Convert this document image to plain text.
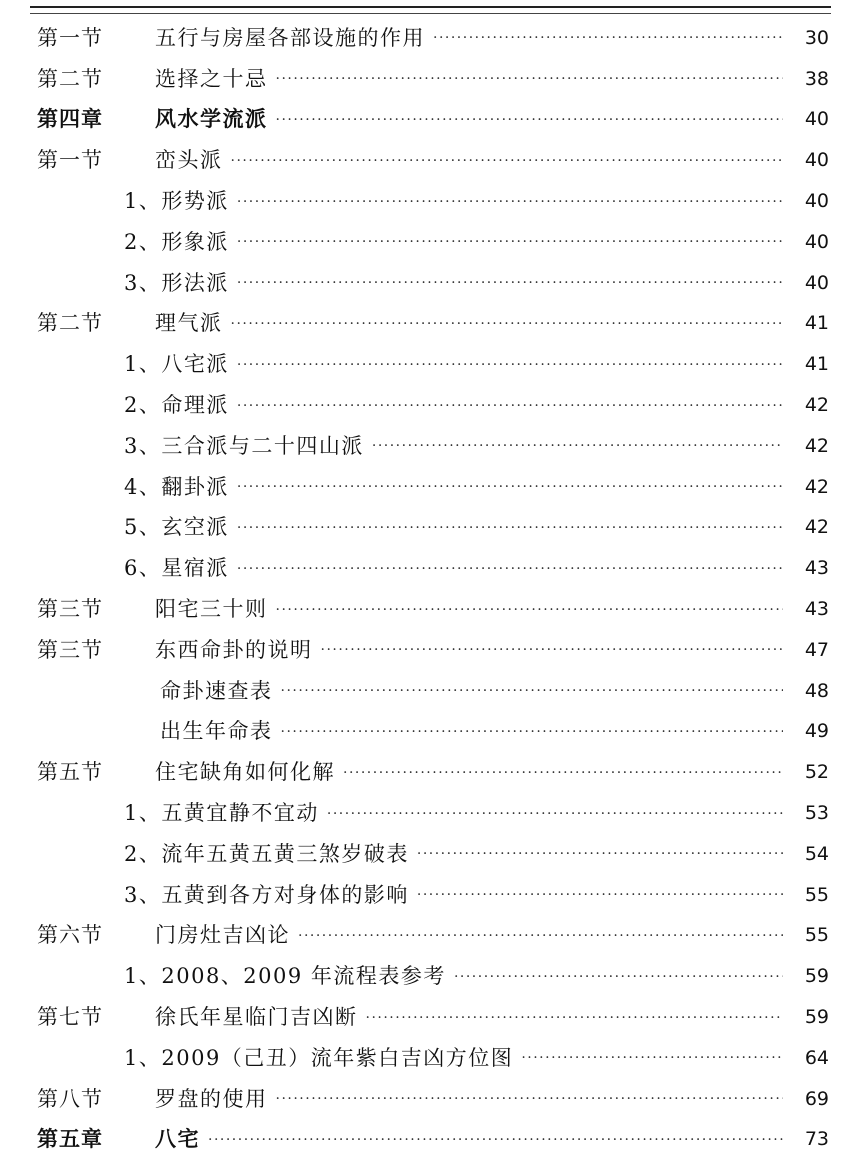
第一节	五行与房屋各部设施的作用 ·····	30
第二节	选择之十忌 ·····	38
第四章	风水学流派 ·····	40
第一节	峦头派 ·····	40
1、形势派 ·····	40
2、形象派 ·····	40
3、形法派 ·····	40
第二节	理气派 ·····	41
1、八宅派 ·····	41
2、命理派 ·····	42
3、三合派与二十四山派 ·····	42
4、翻卦派 ·····	42
5、玄空派 ·····	42
6、星宿派 ·····	43
第三节	阳宅三十则 ·····	43
第三节	东西命卦的说明 ·····	47
命卦速查表 ·····	48
出生年命表 ·····	49
第五节	住宅缺角如何化解 ·····	52
1、五黄宜静不宜动 ·····	53
2、流年五黄五黄三煞岁破表 ·····	54
3、五黄到各方对身体的影响 ·····	55
第六节	门房灶吉凶论 ·····	55
1、2008、2009 年流程表参考 ·····	59
第七节	徐氏年星临门吉凶断 ·····	59
1、2009（己丑）流年紫白吉凶方位图 ·····	64
第八节	罗盘的使用 ·····	69
第五章	八宅 ·····	73
